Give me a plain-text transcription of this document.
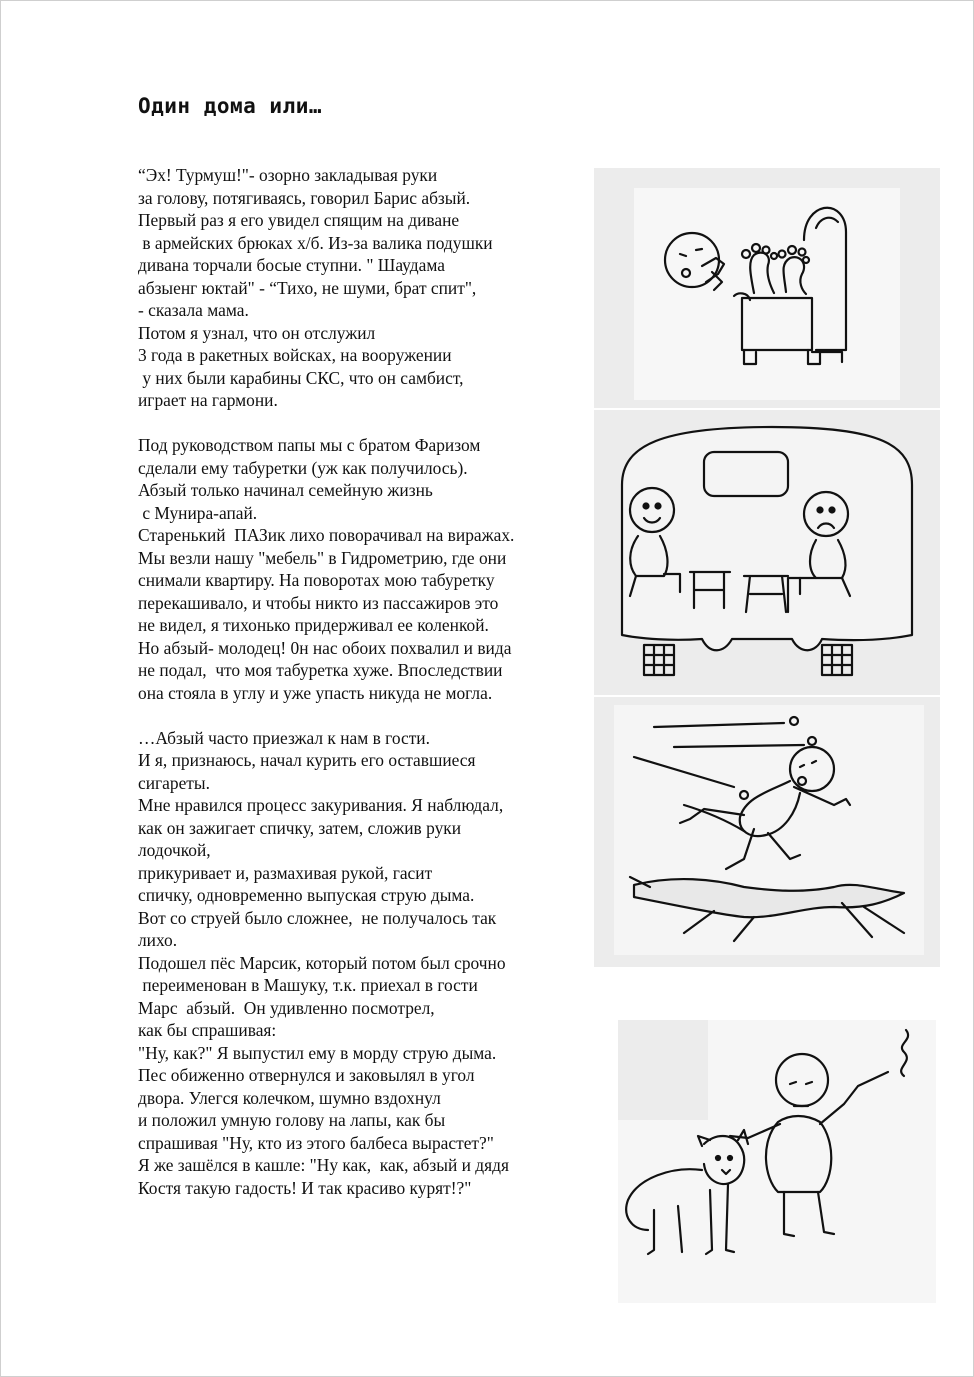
Один дома или…
“Эх! Турмуш!"- озорно закладывая руки
за голову, потягиваясь, говорил Барис абзый.
Первый раз я его увидел спящим на диване
в армейских брюках х/б. Из-за валика подушки
дивана торчали босые ступни. " Шаудама
абзыенг юктай" - “Тихо, не шуми, брат спит",
- сказала мама.
Потом я узнал, что он отслужил
3 года в ракетных войсках, на вооружении
у них были карабины СКС, что он самбист,
играет на гармони.
Под руководством папы мы с братом Фаризом
сделали ему табуретки (уж как получилось).
Абзый только начинал семейную жизнь
с Мунира-апай.
Старенький  ПАЗик лихо поворачивал на виражах.
Мы везли нашу "мебель" в Гидрометрию, где они
снимали квартиру. На поворотах мою табуретку
перекашивало, и чтобы никто из пассажиров это
не видел, я тихонько придерживал ее коленкой.
Но абзый- молодец! 0н нас обоих похвалил и вида
не подал,  что моя табуретка хуже. Впоследствии
она стояла в углу и уже упасть никуда не могла.
…Абзый часто приезжал к нам в гости.
И я, признаюсь, начал курить его оставшиеся
сигареты.
Мне нравился процесс закуривания. Я наблюдал,
как он зажигает спичку, затем, сложив руки
лодочкой,
прикуривает и, размахивая рукой, гасит
спичку, одновременно выпуская струю дыма.
Вот со струей было сложнее,  не получалось так
лихо.
Подошел пёс Марсик, который потом был срочно
переименован в Машуку, т.к. приехал в гости
Марс  абзый.  Он удивленно посмотрел,
как бы спрашивая:
"Ну, как?" Я выпустил ему в морду струю дыма.
Пес обиженно отвернулся и заковылял в угол
двора. Улегся колечком, шумно вздохнул
и положил умную голову на лапы, как бы
спрашивая "Ну, кто из этого балбеса вырастет?"
Я же зашёлся в кашле: "Ну как,  как, абзый и дядя
Костя такую гадость! И так красиво курят!?"
